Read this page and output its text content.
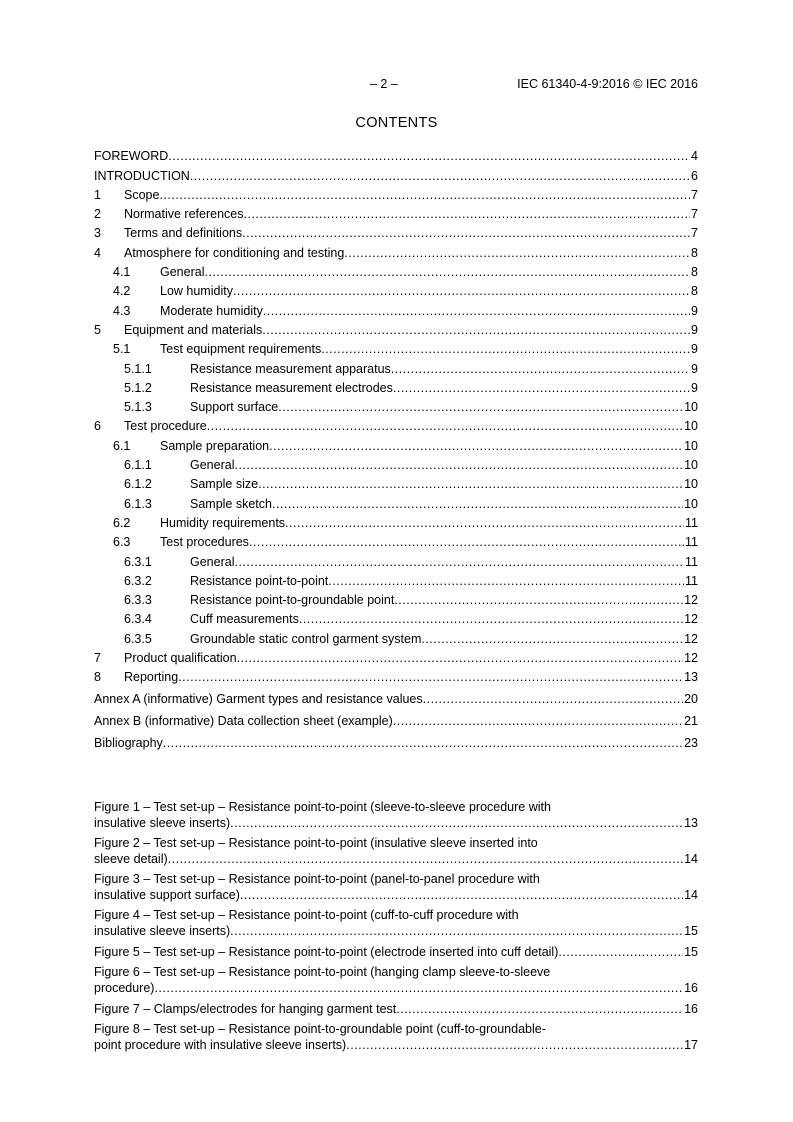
– 2 –	IEC 61340-4-9:2016 © IEC 2016
CONTENTS
FOREWORD .....	4
INTRODUCTION .....	6
1	Scope .....	7
2	Normative references .....	7
3	Terms and definitions .....	7
4	Atmosphere for conditioning and testing .....	8
4.1	General .....	8
4.2	Low humidity .....	8
4.3	Moderate humidity .....	9
5	Equipment and materials .....	9
5.1	Test equipment requirements .....	9
5.1.1	Resistance measurement apparatus .....	9
5.1.2	Resistance measurement electrodes .....	9
5.1.3	Support surface .....	10
6	Test procedure .....	10
6.1	Sample preparation .....	10
6.1.1	General .....	10
6.1.2	Sample size .....	10
6.1.3	Sample sketch .....	10
6.2	Humidity requirements .....	11
6.3	Test procedures .....	11
6.3.1	General .....	11
6.3.2	Resistance point-to-point .....	11
6.3.3	Resistance point-to-groundable point .....	12
6.3.4	Cuff measurements .....	12
6.3.5	Groundable static control garment system .....	12
7	Product qualification .....	12
8	Reporting .....	13
Annex A (informative) Garment types and resistance values .....	20
Annex B (informative) Data collection sheet (example) .....	21
Bibliography .....	23
Figure 1 – Test set-up – Resistance point-to-point (sleeve-to-sleeve procedure with
insulative sleeve inserts) .....	13
Figure 2 – Test set-up – Resistance point-to-point (insulative sleeve inserted into
sleeve detail) .....	14
Figure 3 – Test set-up – Resistance point-to-point (panel-to-panel procedure with
insulative support surface) .....	14
Figure 4 – Test set-up – Resistance point-to-point (cuff-to-cuff procedure with
insulative sleeve inserts) .....	15
Figure 5 – Test set-up – Resistance point-to-point (electrode inserted into cuff detail) .....	15
Figure 6 – Test set-up – Resistance point-to-point (hanging clamp sleeve-to-sleeve
procedure) .....	16
Figure 7 – Clamps/electrodes for hanging garment test .....	16
Figure 8 – Test set-up – Resistance point-to-groundable point (cuff-to-groundable-
point procedure with insulative sleeve inserts) .....	17
